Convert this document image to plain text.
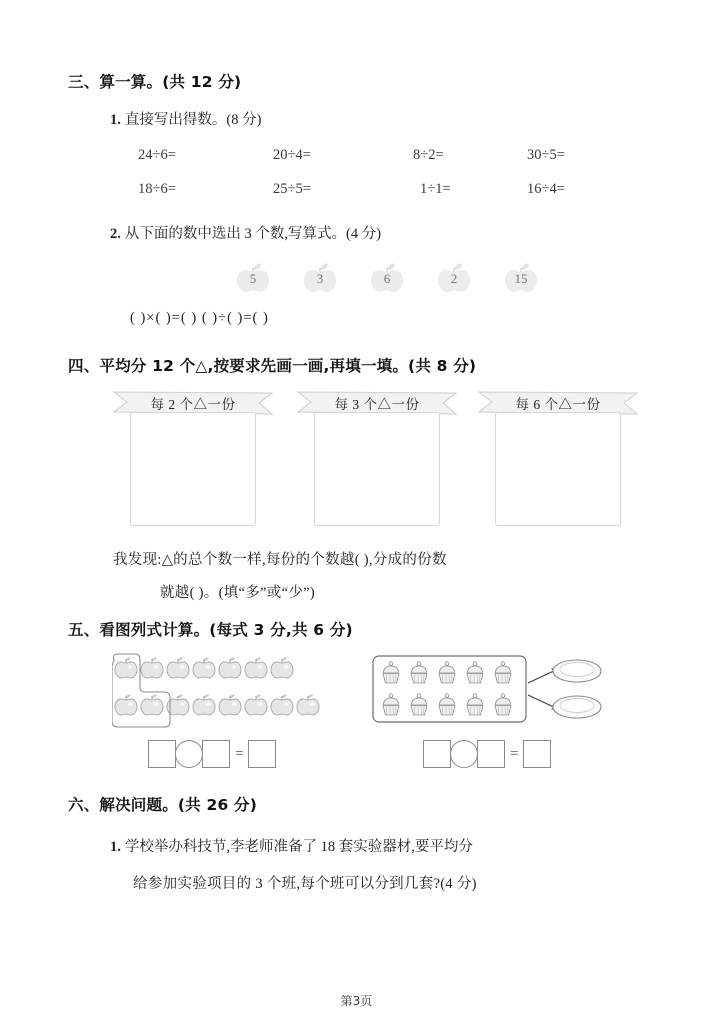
三、算一算。(共 12 分)
1. 直接写出得数。(8 分)
24÷6=	20÷4=	8÷2=	30÷5=
18÷6=	25÷5=	1÷1=	16÷4=
2. 从下面的数中选出 3 个数,写算式。(4 分)
5	3	6	2	15
( )×( )=( ) ( )÷( )=( )
四、平均分 12 个△,按要求先画一画,再填一填。(共 8 分)
每 2 个△一份	每 3 个△一份	每 6 个△一份
我发现:△的总个数一样,每份的个数越( ),分成的份数
就越( )。(填“多”或“少”)
五、看图列式计算。(每式 3 分,共 6 分)
=	=
六、解决问题。(共 26 分)
1. 学校举办科技节,李老师准备了 18 套实验器材,要平均分
给参加实验项目的 3 个班,每个班可以分到几套?(4 分)
第3页
